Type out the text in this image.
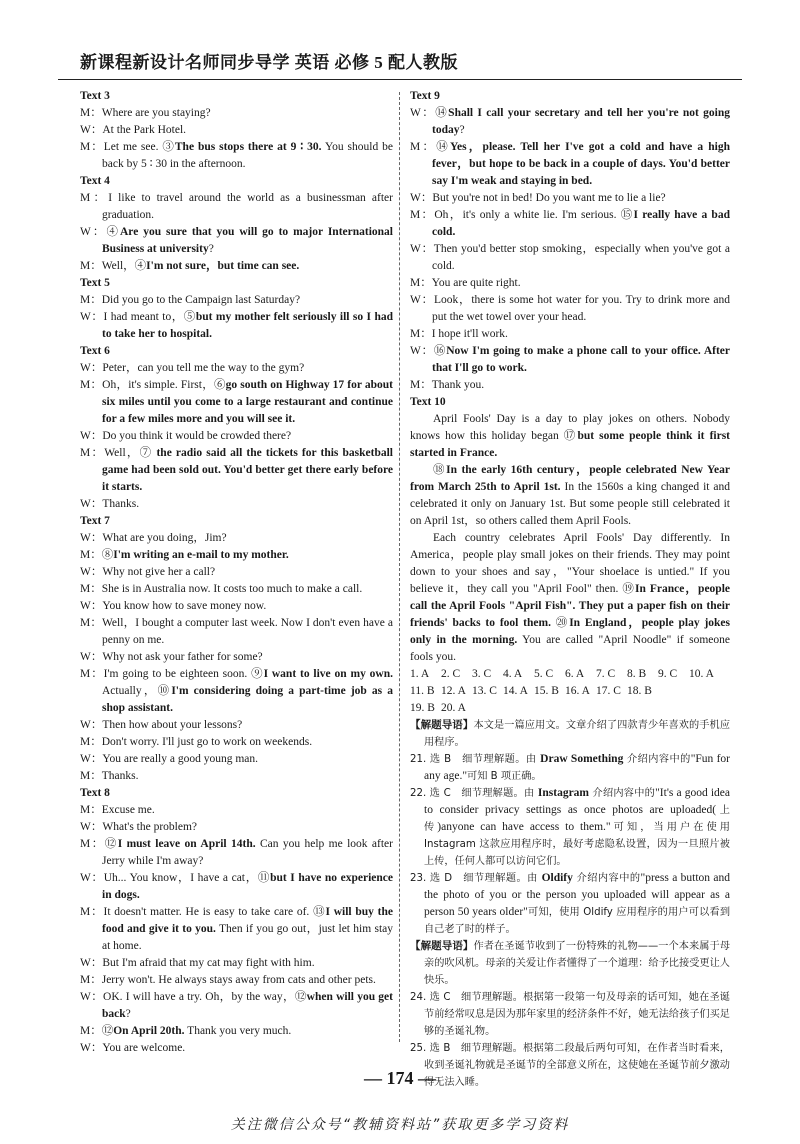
新课程新设计名师同步导学 英语 必修 5 配人教版
Text 3
M：Where are you staying?
W：At the Park Hotel.
M：Let me see. ③The bus stops there at 9 ∶ 30. You should be back by 5 ∶ 30 in the afternoon.
Text 4
M：I like to travel around the world as a businessman after graduation.
W：④Are you sure that you will go to major International Business at university?
M：Well，④I'm not sure，but time can see.
Text 5
M：Did you go to the Campaign last Saturday?
W：I had meant to，⑤but my mother felt seriously ill so I had to take her to hospital.
Text 6
W：Peter，can you tell me the way to the gym?
M：Oh，it's simple. First，⑥go south on Highway 17 for about six miles until you come to a large restaurant and continue for a few miles more and you will see it.
W：Do you think it would be crowded there?
M：Well，⑦ the radio said all the tickets for this basketball game had been sold out. You'd better get there early before it starts.
W：Thanks.
Text 7
W：What are you doing，Jim?
M：⑧I'm writing an e-mail to my mother.
W：Why not give her a call?
M：She is in Australia now. It costs too much to make a call.
W：You know how to save money now.
M：Well，I bought a computer last week. Now I don't even have a penny on me.
W：Why not ask your father for some?
M：I'm going to be eighteen soon. ⑨I want to live on my own. Actually，⑩I'm considering doing a part-time job as a shop assistant.
W：Then how about your lessons?
M：Don't worry. I'll just go to work on weekends.
W：You are really a good young man.
M：Thanks.
Text 8
M：Excuse me.
W：What's the problem?
M：⑫I must leave on April 14th. Can you help me look after Jerry while I'm away?
W：Uh... You know，I have a cat，⑪but I have no experience in dogs.
M：It doesn't matter. He is easy to take care of. ⑬I will buy the food and give it to you. Then if you go out，just let him stay at home.
W：But I'm afraid that my cat may fight with him.
M：Jerry won't. He always stays away from cats and other pets.
W：OK. I will have a try. Oh，by the way，⑫when will you get back?
M：⑫On April 20th. Thank you very much.
W：You are welcome.
Text 9
W：⑭Shall I call your secretary and tell her you're not going today?
M：⑭Yes，please. Tell her I've got a cold and have a high fever，but hope to be back in a couple of days. You'd better say I'm weak and staying in bed.
W：But you're not in bed! Do you want me to lie a lie?
M：Oh，it's only a white lie. I'm serious. ⑮I really have a bad cold.
W：Then you'd better stop smoking，especially when you've got a cold.
M：You are quite right.
W：Look，there is some hot water for you. Try to drink more and put the wet towel over your head.
M：I hope it'll work.
W：⑯Now I'm going to make a phone call to your office. After that I'll go to work.
M：Thank you.
Text 10
April Fools' Day is a day to play jokes on others. Nobody knows how this holiday began ⑰but some people think it first started in France.
⑱In the early 16th century，people celebrated New Year from March 25th to April 1st. In the 1560s a king changed it and celebrated it only on January 1st. But some people still celebrated it on April 1st，so others called them April Fools.
Each country celebrates April Fools' Day differently. In America，people play small jokes on their friends. They may point down to your shoes and say，"Your shoelace is untied." If you believe it，they call you "April Fool" then. ⑲In France，people call the April Fools "April Fish". They put a paper fish on their friends' backs to fool them. ⑳In England，people play jokes only in the morning. You are called "April Noodle" if someone fools you.
1. A 2. C 3. C 4. A 5. C 6. A 7. C 8. B 9. C 10. A
11. B 12. A 13. C 14. A 15. B 16. A 17. C 18. B
19. B 20. A
【解题导语】本文是一篇应用文。文章介绍了四款青少年喜欢的手机应用程序。
21. 选 B　细节理解题。由 Draw Something 介绍内容中的"Fun for any age."可知 B 项正确。
22. 选 C　细节理解题。由 Instagram 介绍内容中的"It's a good idea to consider privacy settings as once photos are uploaded(上传)anyone can have access to them."可知，当用户在使用 Instagram 这款应用程序时，最好考虑隐私设置，因为一旦照片被上传，任何人都可以访问它们。
23. 选 D　细节理解题。由 Oldify 介绍内容中的"press a button and the photo of you or the person you uploaded will appear as a person 50 years older"可知，使用 Oldify 应用程序的用户可以看到自己老了时的样子。
【解题导语】作者在圣诞节收到了一份特殊的礼物——一个本来属于母亲的吹风机。母亲的关爱让作者懂得了一个道理：给予比接受更让人快乐。
24. 选 C　细节理解题。根据第一段第一句及母亲的话可知，她在圣诞节前经常叹息是因为那年家里的经济条件不好，她无法给孩子们买足够的圣诞礼物。
25. 选 B　细节理解题。根据第二段最后两句可知，在作者当时看来，收到圣诞礼物就是圣诞节的全部意义所在，这使她在圣诞节前夕激动得无法入睡。
— 174 —
关注微信公众号“教辅资料站”获取更多学习资料
